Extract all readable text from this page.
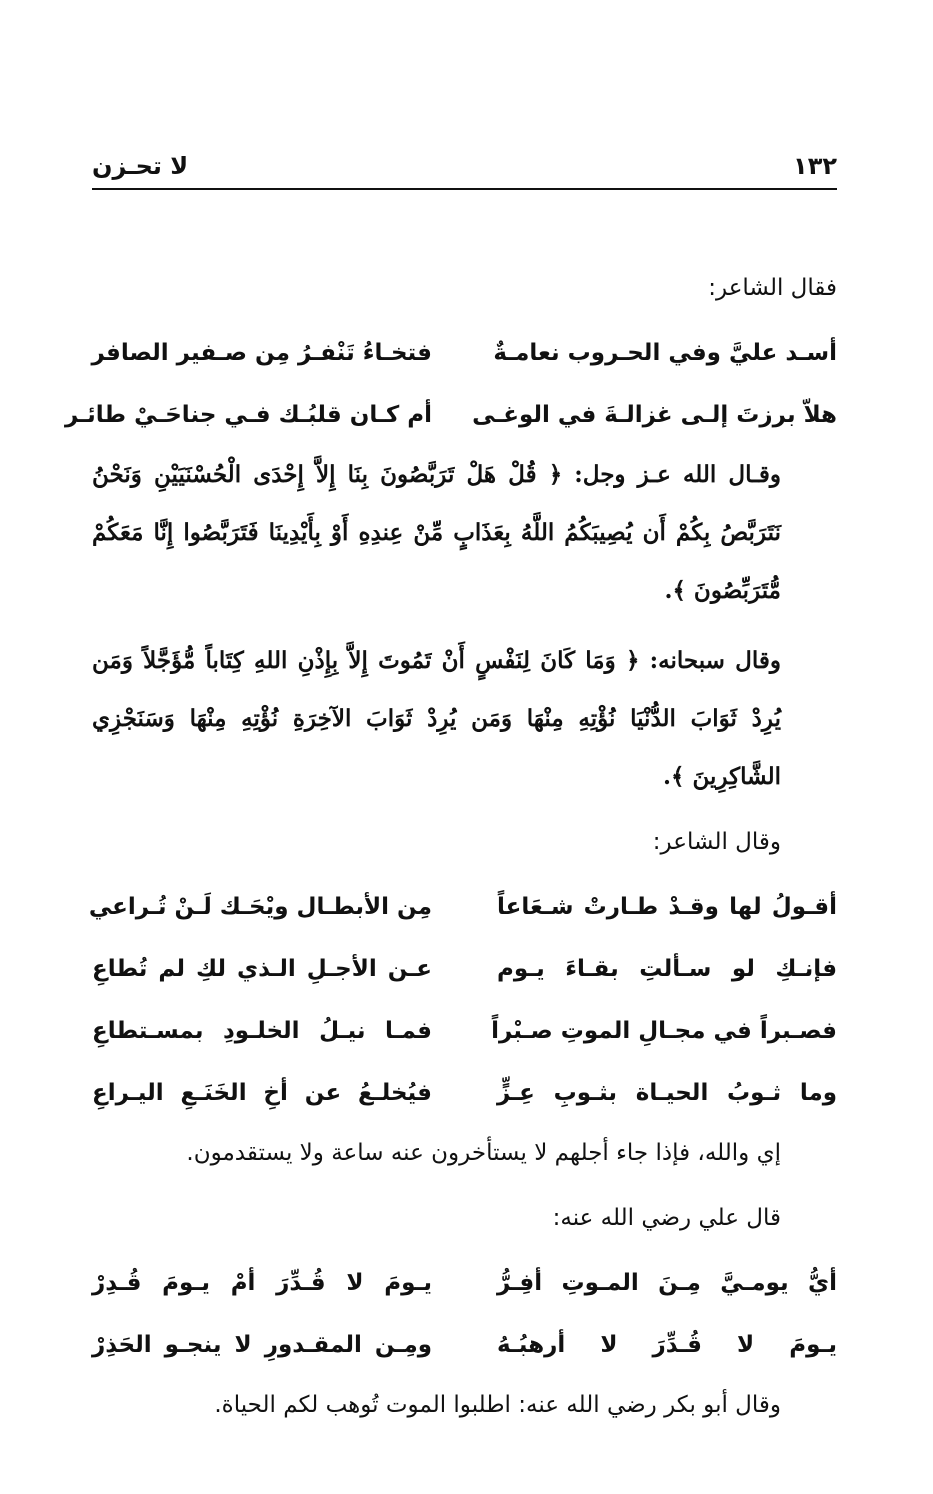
لا تحـزن	١٣٢
فقال الشاعر:
أسـد عليَّ وفي الحـروب نعامـةٌ
فتخـاءُ تَنْفـرُ مِن صـفير الصافر
هلاّ برزتَ إلـى غزالـةَ في الوغـى
أم كـان قلبُـك فـي جناحَـيْ طائـر

وقـال الله عـز وجل: ﴿ قُلْ هَلْ تَرَبَّصُونَ بِنَا إِلاَّ إِحْدَى الْحُسْنَيَيْنِ وَنَحْنُ نَتَرَبَّصُ بِكُمْ أَن يُصِيبَكُمُ اللَّهُ بِعَذَابٍ مِّنْ عِندِهِ أَوْ بِأَيْدِينَا فَتَرَبَّصُوا إِنَّا مَعَكُمْ مُّتَرَبِّصُونَ ﴾.

وقال سبحانه: ﴿ وَمَا كَانَ لِنَفْسٍ أَنْ تَمُوتَ إِلاَّ بِإِذْنِ اللهِ كِتَاباً مُّؤَجَّلاً وَمَن يُرِدْ ثَوَابَ الدُّنْيَا نُؤْتِهِ مِنْهَا وَمَن يُرِدْ ثَوَابَ الآخِرَةِ نُؤْتِهِ مِنْهَا وَسَنَجْزِي الشَّاكِرِينَ ﴾.

وقال الشاعر:
أقـولُ لها وقـدْ طـارتْ شـعَاعاً
مِن الأبطـال ويْحَـك لَـنْ تُـراعي
فإنـكِ لو سـألتِ بقـاءَ يـوم
عـن الأجـلِ الـذي لكِ لم تُطاعِ
فصـبراً في مجـالِ الموتِ صـبْراً
فمـا نيـلُ الخلـودِ بمسـتطاعِ
وما ثـوبُ الحيـاة بثـوبِ عِـزٍّ
فيُخلـعُ عن أخِ الخَنَـعِ اليـراعِ

إي والله، فإذا جاء أجلهم لا يستأخرون عنه ساعة ولا يستقدمون.

قال علي رضي الله عنه:
أيُّ يومـيَّ مِـنَ المـوتِ أفِـرُّ
يـومَ لا قُـدِّرَ أمْ يـومَ قُـدِرْ
يـومَ لا قُـدِّرَ لا أرهبُـهُ
ومِـن المقـدورِ لا ينجـو الحَذِرْ

وقال أبو بكر رضي الله عنه: اطلبوا الموت تُوهب لكم الحياة.
